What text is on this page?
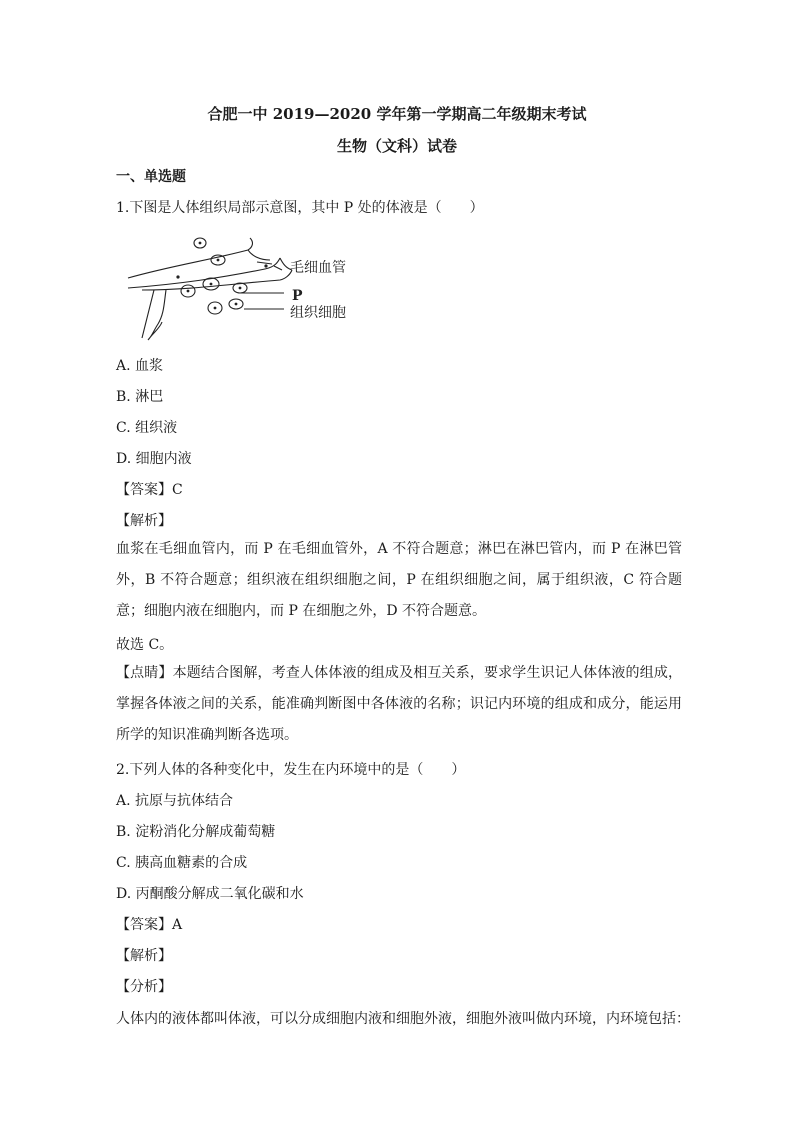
合肥一中 2019—2020 学年第一学期高二年级期末考试
生物（文科）试卷
一、单选题
1.下图是人体组织局部示意图，其中 P 处的体液是（　　）
毛细血管
P
组织细胞
A. 血浆
B. 淋巴
C. 组织液
D. 细胞内液
【答案】C
【解析】
血浆在毛细血管内，而 P 在毛细血管外，A 不符合题意；淋巴在淋巴管内，而 P 在淋巴管外，B 不符合题意；组织液在组织细胞之间，P 在组织细胞之间，属于组织液，C 符合题意；细胞内液在细胞内，而 P 在细胞之外，D 不符合题意。
故选 C。
【点睛】本题结合图解，考查人体体液的组成及相互关系，要求学生识记人体体液的组成，掌握各体液之间的关系，能准确判断图中各体液的名称；识记内环境的组成和成分，能运用所学的知识准确判断各选项。
2.下列人体的各种变化中，发生在内环境中的是（　　）
A. 抗原与抗体结合
B. 淀粉消化分解成葡萄糖
C. 胰高血糖素的合成
D. 丙酮酸分解成二氧化碳和水
【答案】A
【解析】
【分析】
人体内的液体都叫体液，可以分成细胞内液和细胞外液，细胞外液叫做内环境，内环境包括：
